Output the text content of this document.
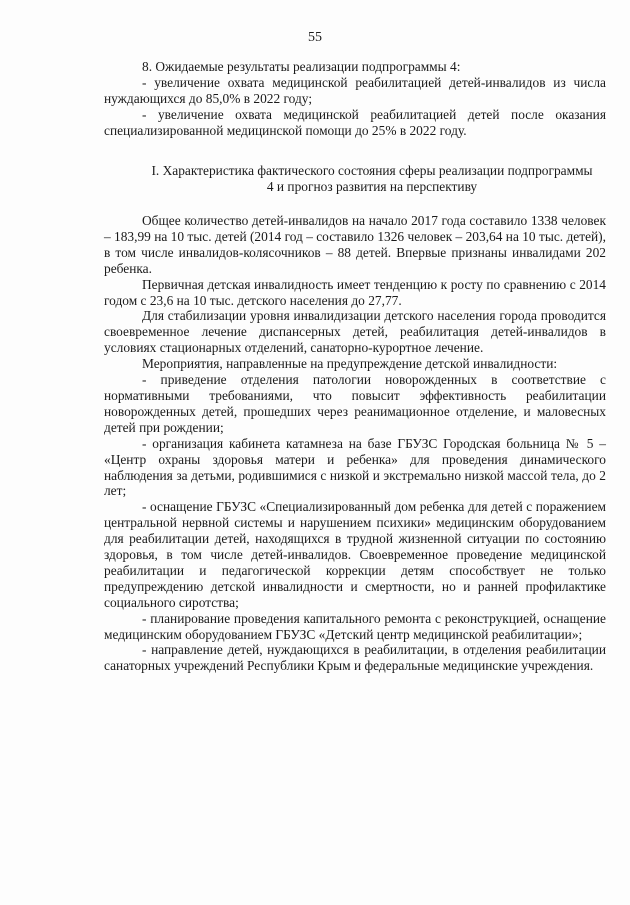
55

8. Ожидаемые результаты реализации подпрограммы 4:

- увеличение охвата медицинской реабилитацией детей-инвалидов из числа нуждающихся до 85,0% в 2022 году;

- увеличение охвата медицинской реабилитацией детей после оказания специализированной медицинской помощи до 25% в 2022 году.

I. Характеристика фактического состояния сферы реализации подпрограммы 4 и прогноз развития на перспективу

Общее количество детей-инвалидов на начало 2017 года составило 1338 человек – 183,99 на 10 тыс. детей (2014 год – составило 1326 человек – 203,64 на 10 тыс. детей), в том числе инвалидов-колясочников – 88 детей. Впервые признаны инвалидами 202 ребенка.

Первичная детская инвалидность имеет тенденцию к росту по сравнению с 2014 годом с 23,6 на 10 тыс. детского населения до 27,77.

Для стабилизации уровня инвалидизации детского населения города проводится своевременное лечение диспансерных детей, реабилитация детей-инвалидов в условиях стационарных отделений, санаторно-курортное лечение.

Мероприятия, направленные на предупреждение детской инвалидности:

- приведение отделения патологии новорожденных в соответствие с нормативными требованиями, что повысит эффективность реабилитации новорожденных детей, прошедших через реанимационное отделение, и маловесных детей при рождении;

- организация кабинета катамнеза на базе ГБУЗС Городская больница № 5 – «Центр охраны здоровья матери и ребенка» для проведения динамического наблюдения за детьми, родившимися с низкой и экстремально низкой массой тела, до 2 лет;

- оснащение ГБУЗС «Специализированный дом ребенка для детей с поражением центральной нервной системы и нарушением психики» медицинским оборудованием для реабилитации детей, находящихся в трудной жизненной ситуации по состоянию здоровья, в том числе детей-инвалидов. Своевременное проведение медицинской реабилитации и педагогической коррекции детям способствует не только предупреждению детской инвалидности и смертности, но и ранней профилактике социального сиротства;

- планирование проведения капитального ремонта с реконструкцией, оснащение медицинским оборудованием ГБУЗС «Детский центр медицинской реабилитации»;

- направление детей, нуждающихся в реабилитации, в отделения реабилитации санаторных учреждений Республики Крым и федеральные медицинские учреждения.
